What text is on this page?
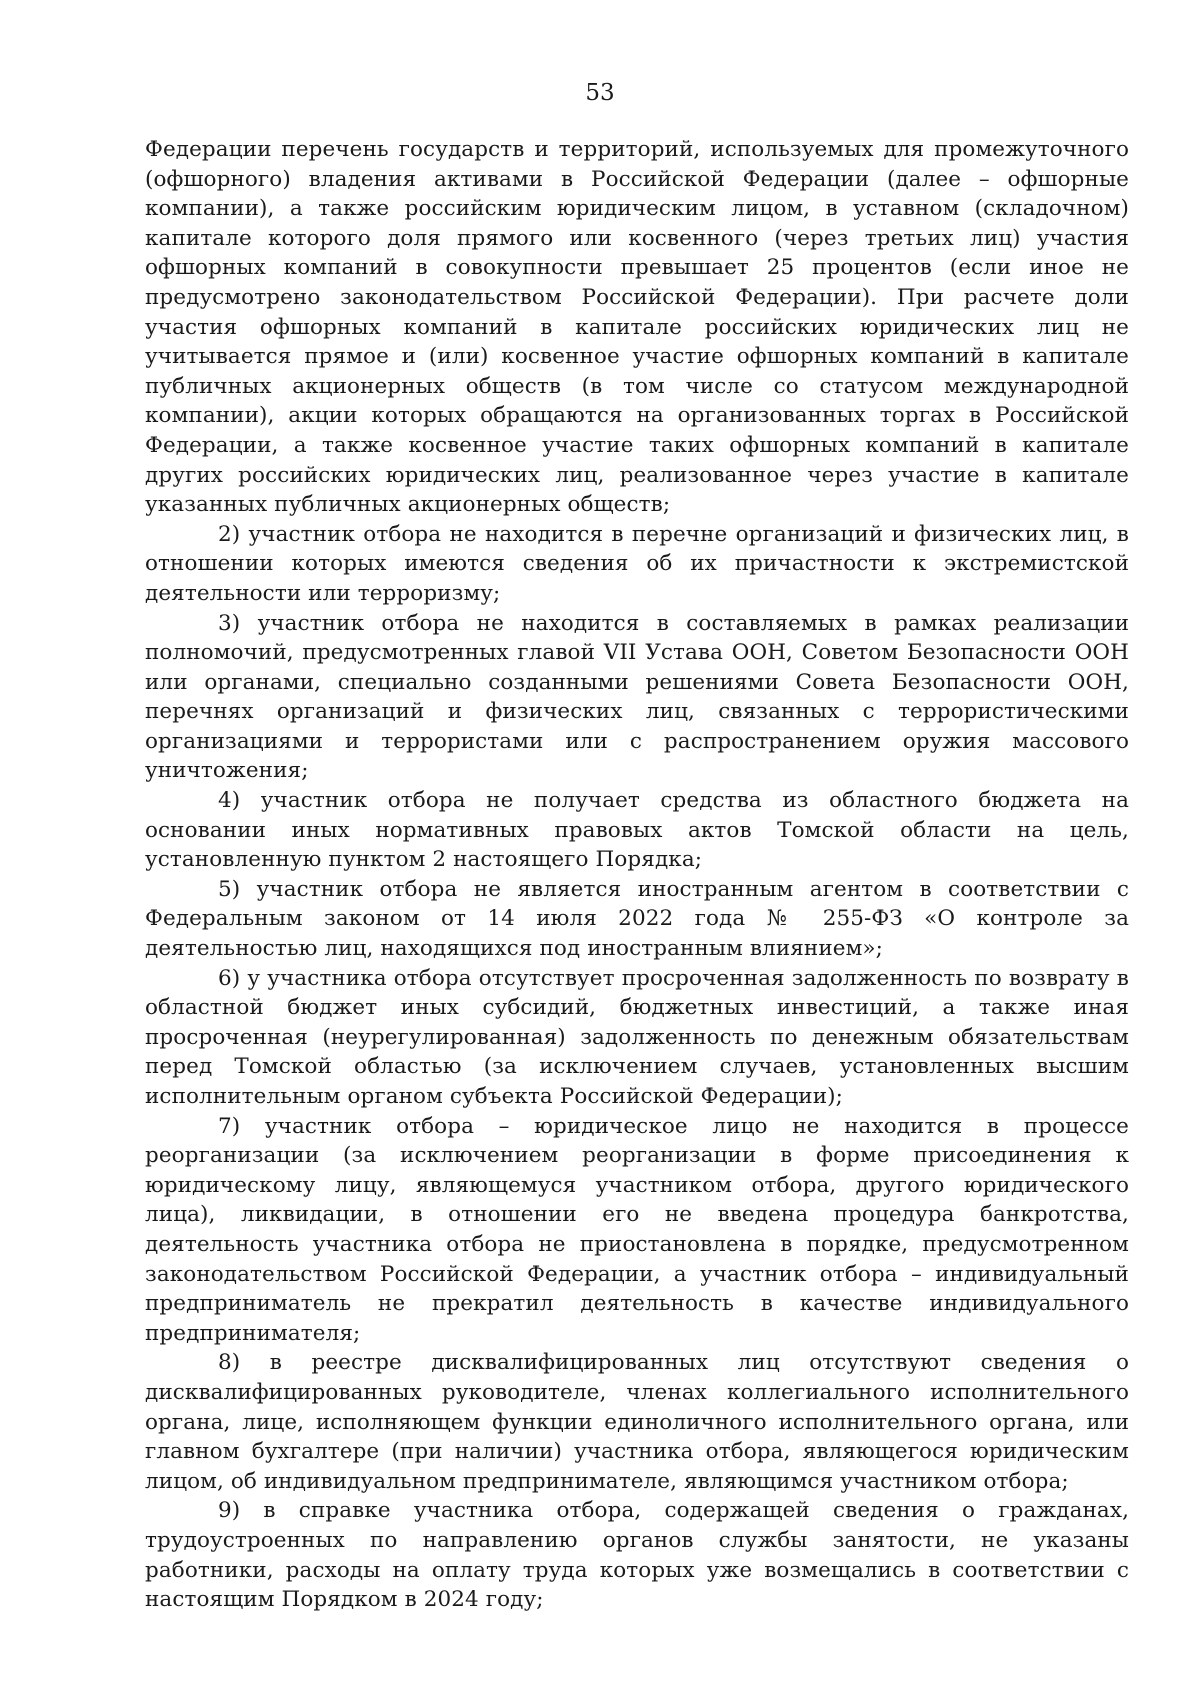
53

Федерации перечень государств и территорий, используемых для промежуточного (офшорного) владения активами в Российской Федерации (далее – офшорные компании), а также российским юридическим лицом, в уставном (складочном) капитале которого доля прямого или косвенного (через третьих лиц) участия офшорных компаний в совокупности превышает 25 процентов (если иное не предусмотрено законодательством Российской Федерации). При расчете доли участия офшорных компаний в капитале российских юридических лиц не учитывается прямое и (или) косвенное участие офшорных компаний в капитале публичных акционерных обществ (в том числе со статусом международной компании), акции которых обращаются на организованных торгах в Российской Федерации, а также косвенное участие таких офшорных компаний в капитале других российских юридических лиц, реализованное через участие в капитале указанных публичных акционерных обществ;

2) участник отбора не находится в перечне организаций и физических лиц, в отношении которых имеются сведения об их причастности к экстремистской деятельности или терроризму;

3) участник отбора не находится в составляемых в рамках реализации полномочий, предусмотренных главой VII Устава ООН, Советом Безопасности ООН или органами, специально созданными решениями Совета Безопасности ООН, перечнях организаций и физических лиц, связанных с террористическими организациями и террористами или с распространением оружия массового уничтожения;

4) участник отбора не получает средства из областного бюджета на основании иных нормативных правовых актов Томской области на цель, установленную пунктом 2 настоящего Порядка;

5) участник отбора не является иностранным агентом в соответствии с Федеральным законом от 14 июля 2022 года № 255-ФЗ «О контроле за деятельностью лиц, находящихся под иностранным влиянием»;

6) у участника отбора отсутствует просроченная задолженность по возврату в областной бюджет иных субсидий, бюджетных инвестиций, а также иная просроченная (неурегулированная) задолженность по денежным обязательствам перед Томской областью (за исключением случаев, установленных высшим исполнительным органом субъекта Российской Федерации);

7) участник отбора – юридическое лицо не находится в процессе реорганизации (за исключением реорганизации в форме присоединения к юридическому лицу, являющемуся участником отбора, другого юридического лица), ликвидации, в отношении его не введена процедура банкротства, деятельность участника отбора не приостановлена в порядке, предусмотренном законодательством Российской Федерации, а участник отбора – индивидуальный предприниматель не прекратил деятельность в качестве индивидуального предпринимателя;

8) в реестре дисквалифицированных лиц отсутствуют сведения о дисквалифицированных руководителе, членах коллегиального исполнительного органа, лице, исполняющем функции единоличного исполнительного органа, или главном бухгалтере (при наличии) участника отбора, являющегося юридическим лицом, об индивидуальном предпринимателе, являющимся участником отбора;

9) в справке участника отбора, содержащей сведения о гражданах, трудоустроенных по направлению органов службы занятости, не указаны работники, расходы на оплату труда которых уже возмещались в соответствии с настоящим Порядком в 2024 году;
